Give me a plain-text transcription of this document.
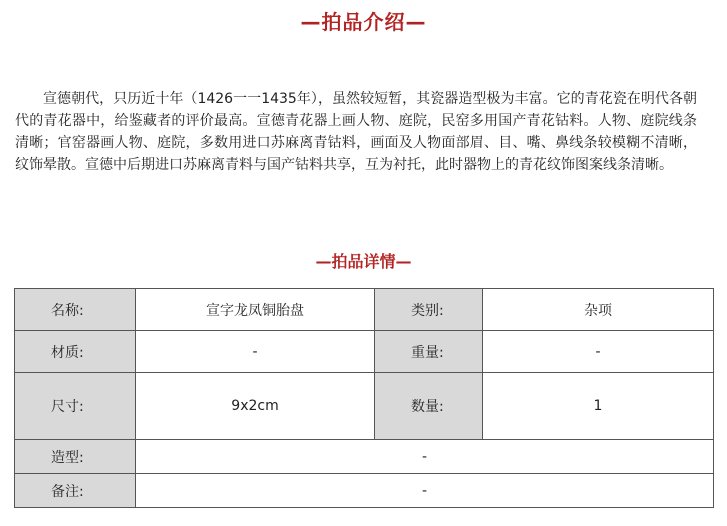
—拍品介绍—

宣德朝代，只历近十年（1426一一1435年），虽然较短暂，其瓷器造型极为丰富。它的青花瓷在明代各朝代的青花器中，给鉴藏者的评价最高。宣德青花器上画人物、庭院，民窑多用国产青花钴料。人物、庭院线条清晰；官窑器画人物、庭院，多数用进口苏麻离青钴料，画面及人物面部眉、目、嘴、鼻线条较模糊不清晰，纹饰晕散。宣德中后期进口苏麻离青料与国产钴料共享，互为衬托，此时器物上的青花纹饰图案线条清晰。

—拍品详情—
名称:	宣字龙凤铜胎盘	类别:	杂项
材质:	-	重量:	-
尺寸:	9x2cm	数量:	1
造型:	-		
备注:	-		
